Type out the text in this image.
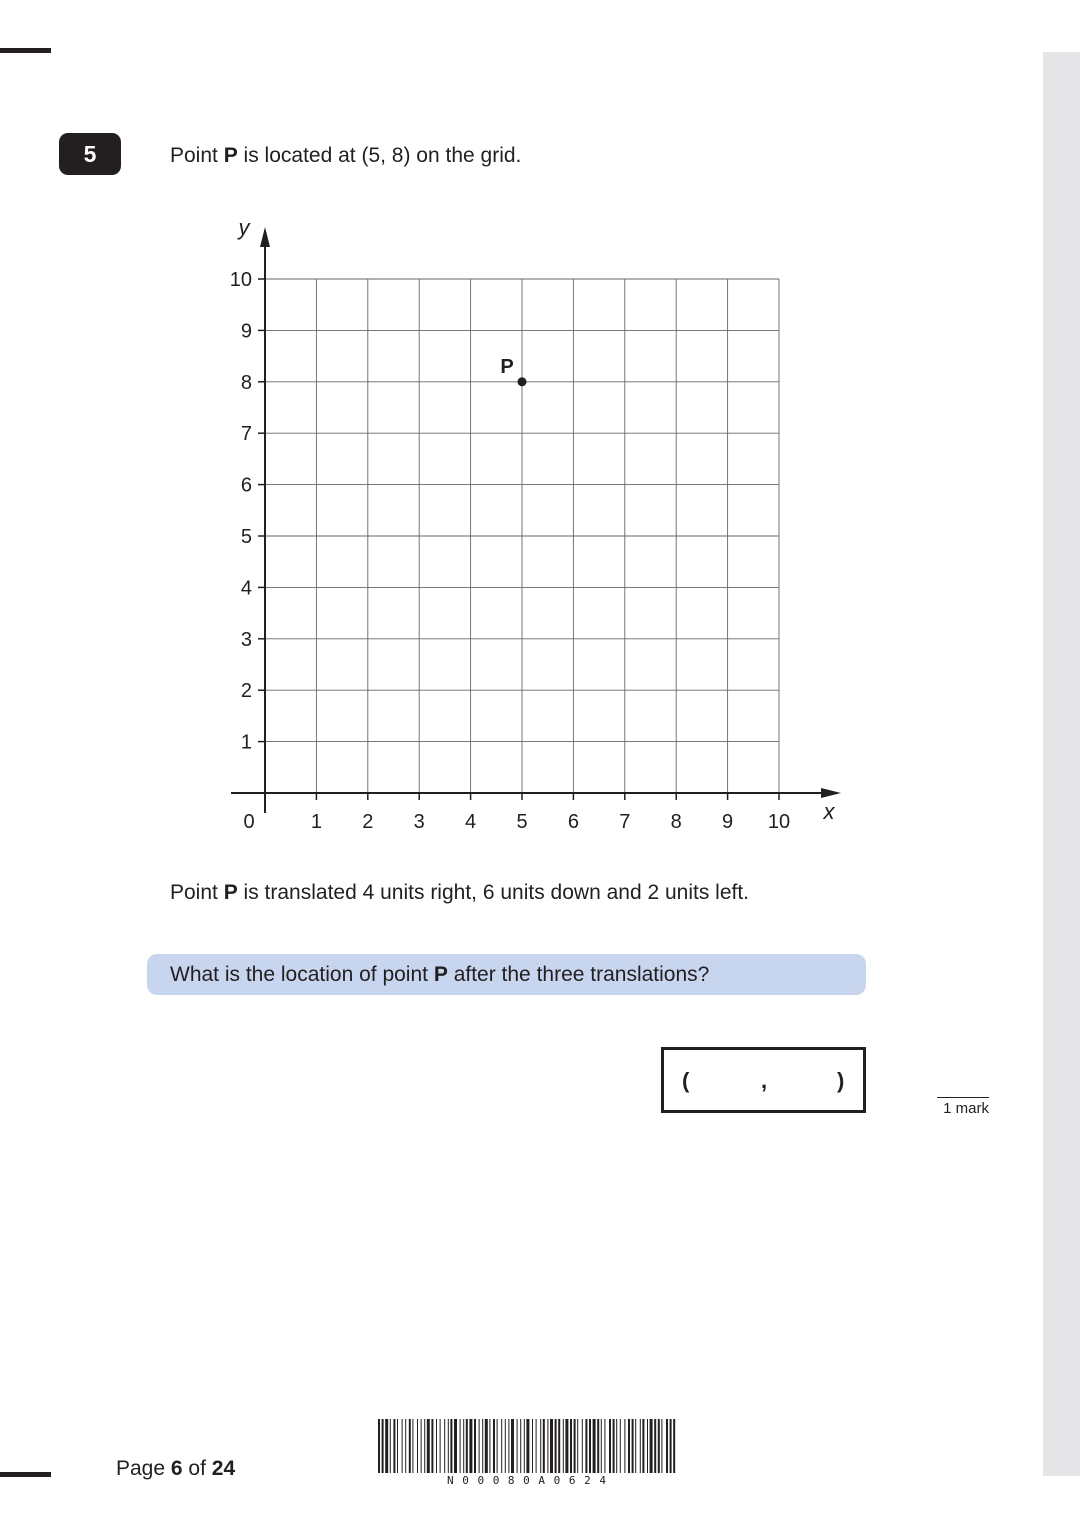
5	Point P is located at (5, 8) on the grid.
1 2 3 4 5 6 7 8 9 10
1
2
3
4
5
6
7
8
9
10
0	x
y
P
Point P is translated 4 units right, 6 units down and 2 units left.
What is the location of point
P
after the three translations?
(	,	)
1 mark
Page 6 of 24
N 0 0 0 8 0 A 0 6 2 4
